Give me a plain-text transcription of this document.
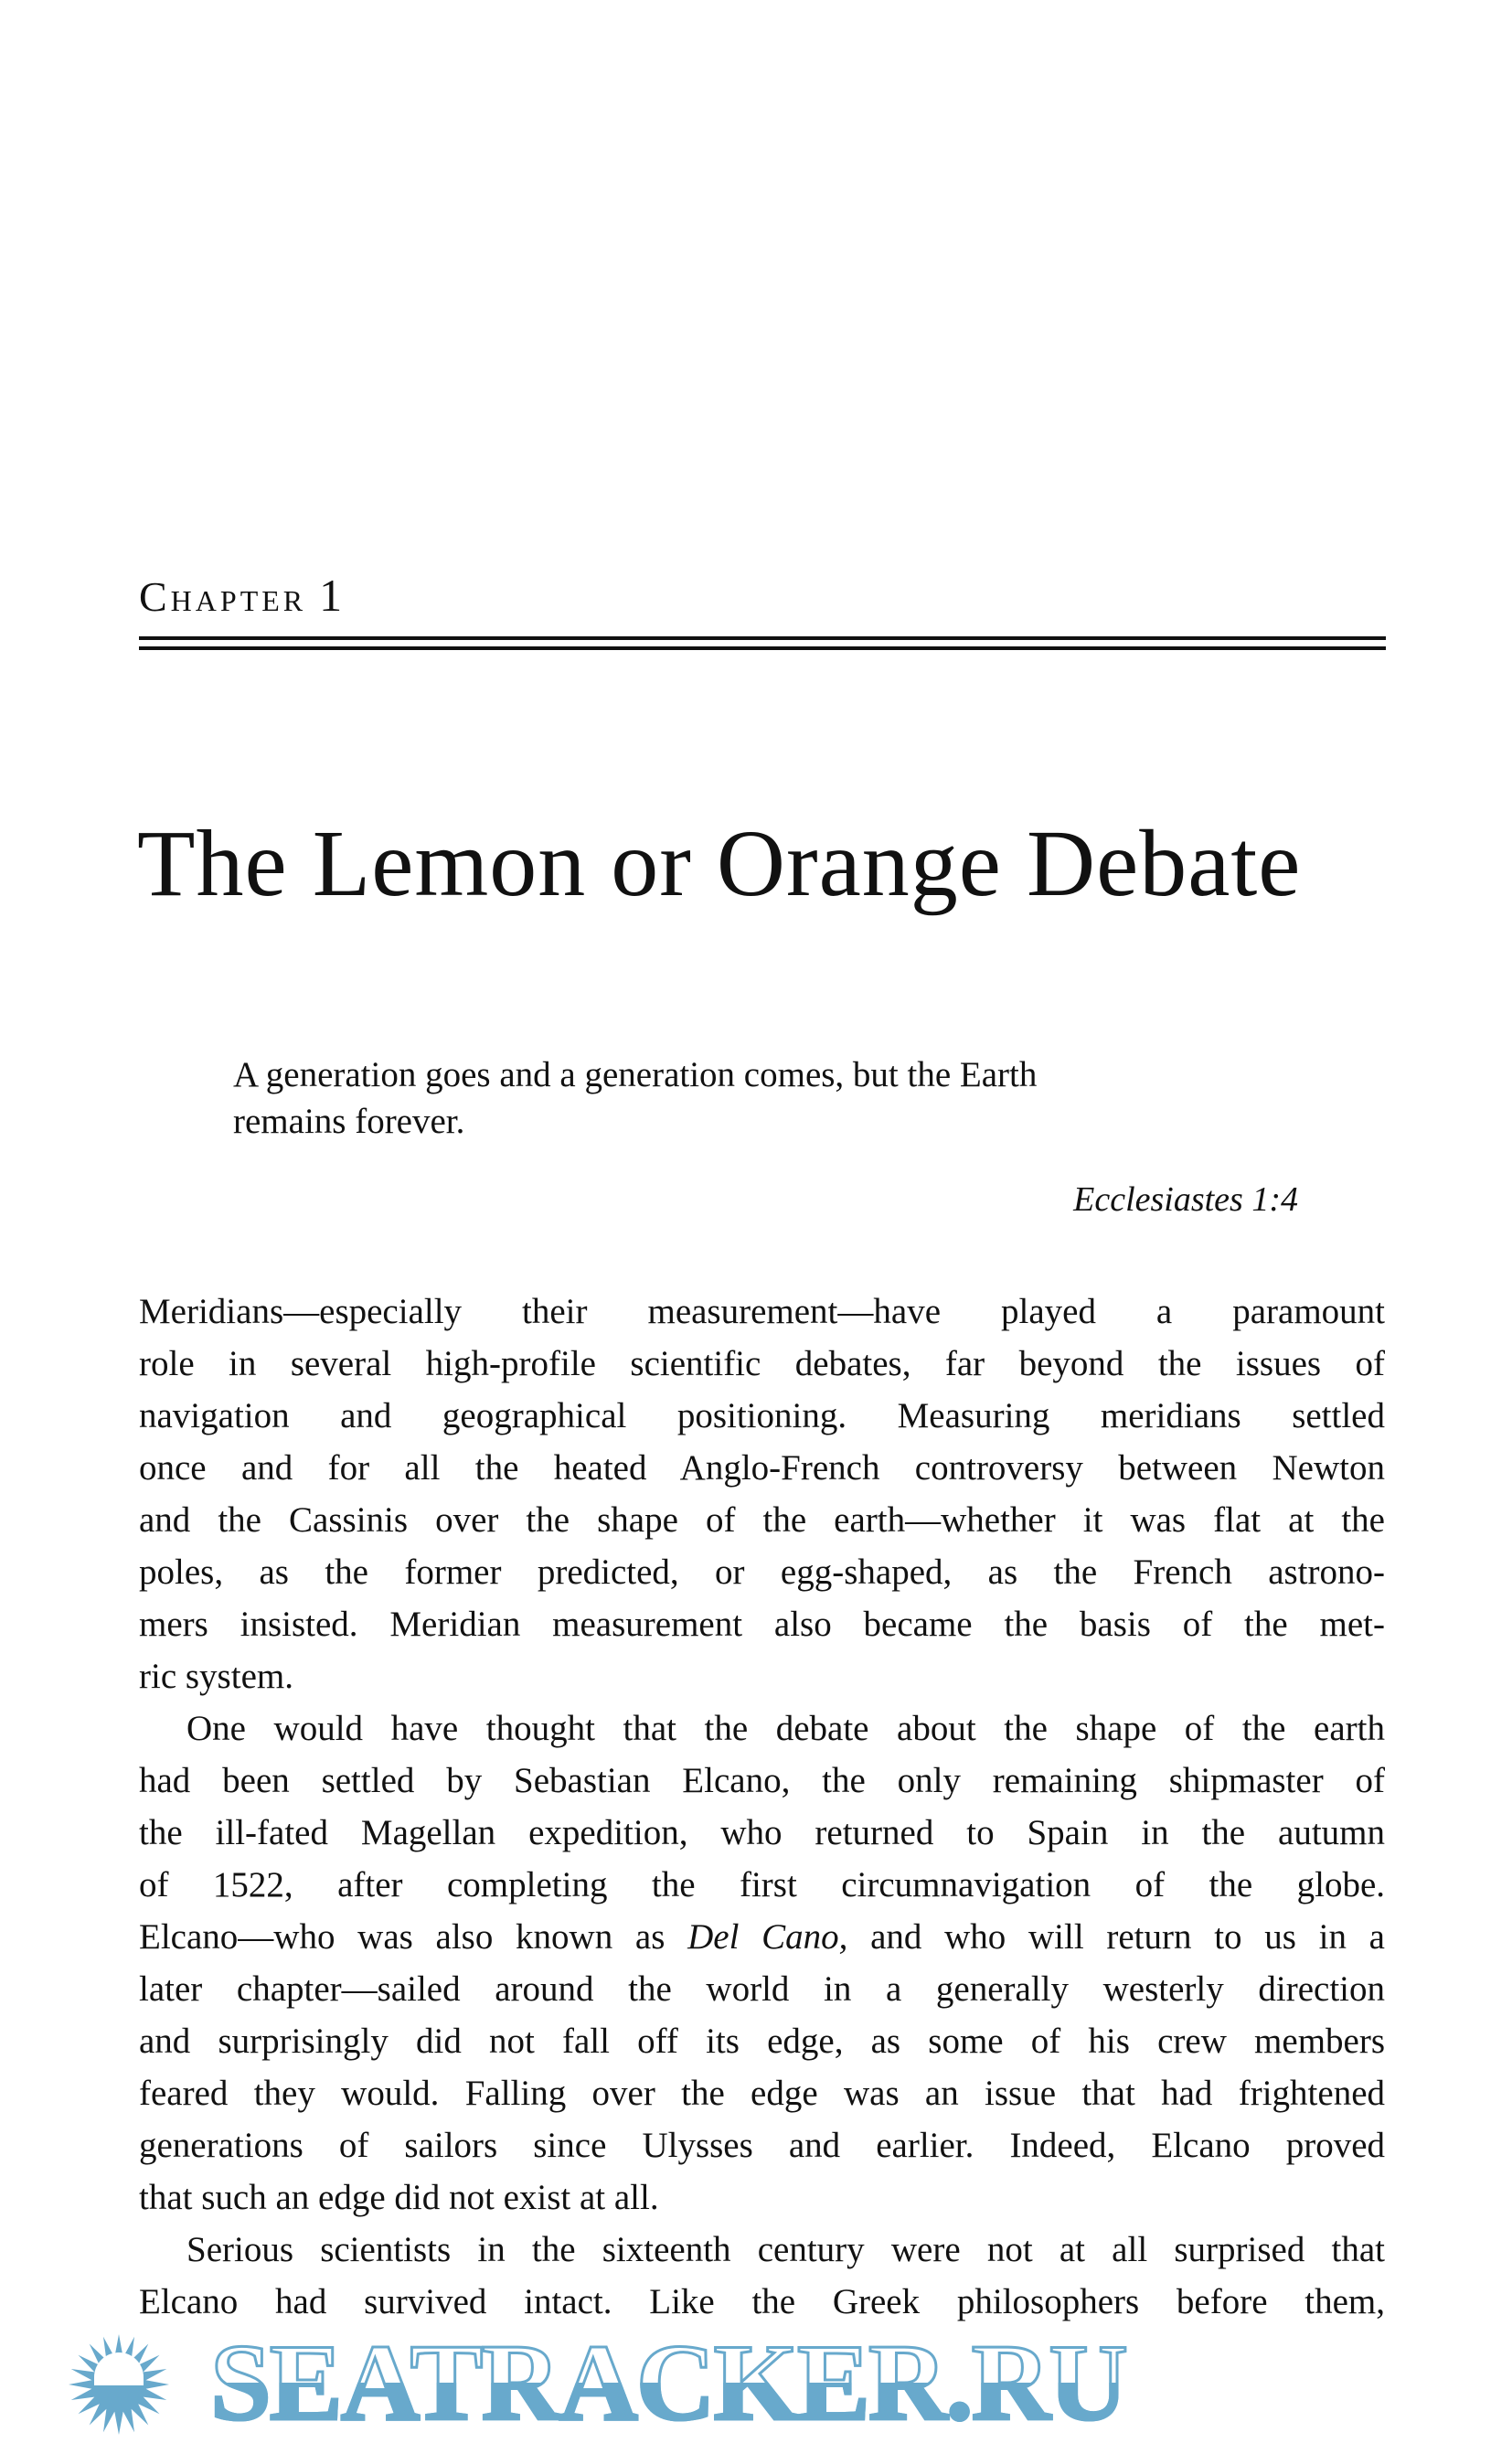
Chapter 1
The Lemon or Orange Debate
A generation goes and a generation comes, but the Earth
remains forever.
Ecclesiastes 1:4
Meridians—especially their measurement—have played a paramount
role in several high-profile scientific debates, far beyond the issues of
navigation and geographical positioning. Measuring meridians settled
once and for all the heated Anglo-French controversy between Newton
and the Cassinis over the shape of the earth—whether it was flat at the
poles, as the former predicted, or egg-shaped, as the French astrono-
mers insisted. Meridian measurement also became the basis of the met-
ric system.
One would have thought that the debate about the shape of the earth
had been settled by Sebastian Elcano, the only remaining shipmaster of
the ill-fated Magellan expedition, who returned to Spain in the autumn
of 1522, after completing the first circumnavigation of the globe.
Elcano—who was also known as Del Cano, and who will return to us in a
later chapter—sailed around the world in a generally westerly direction
and surprisingly did not fall off its edge, as some of his crew members
feared they would. Falling over the edge was an issue that had frightened
generations of sailors since Ulysses and earlier. Indeed, Elcano proved
that such an edge did not exist at all.
Serious scientists in the sixteenth century were not at all surprised that
Elcano had survived intact. Like the Greek philosophers before them,
SEATRACKER.RU
